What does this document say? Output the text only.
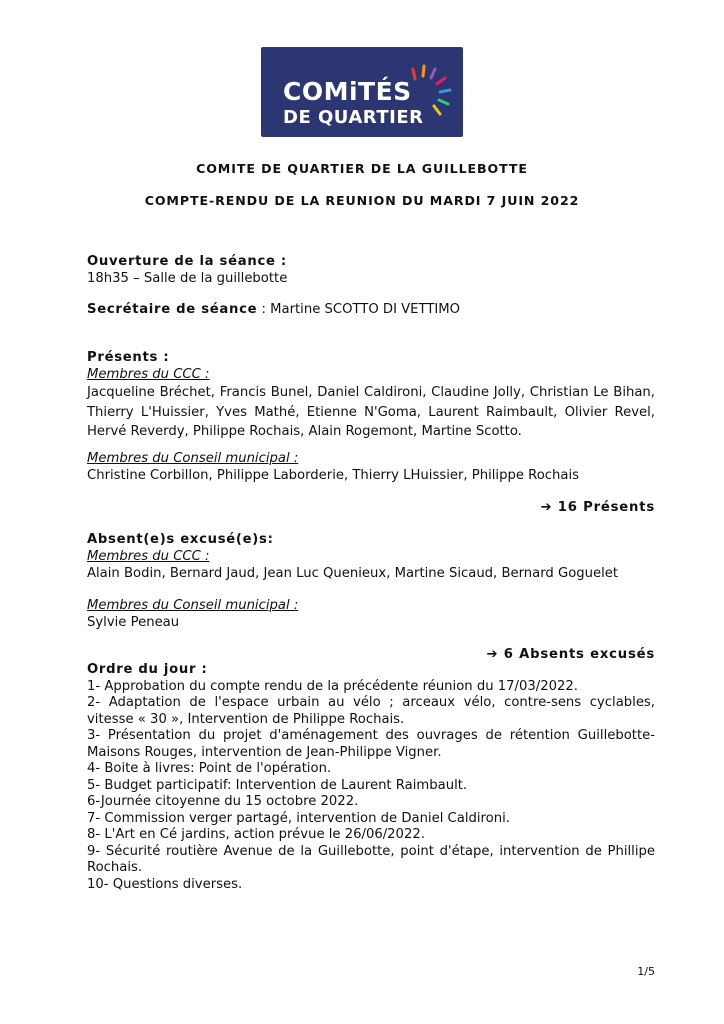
COMiTÉS
DE QUARTIER
COMITE DE QUARTIER DE LA GUILLEBOTTE
COMPTE-RENDU DE LA REUNION DU MARDI 7 JUIN 2022

Ouverture de la séance :

18h35 – Salle de la guillebotte

Secrétaire de séance : Martine SCOTTO DI VETTIMO

Présents :

Membres du CCC :

Jacqueline Bréchet, Francis Bunel, Daniel Caldironi, Claudine Jolly, Christian Le Bihan, Thierry L'Huissier, Yves Mathé, Etienne N'Goma, Laurent Raimbault, Olivier Revel, Hervé Reverdy, Philippe Rochais, Alain Rogemont, Martine Scotto.

Membres du Conseil municipal :

Christine Corbillon, Philippe Laborderie, Thierry LHuissier, Philippe Rochais

➔ 16 Présents

Absent(e)s excusé(e)s:

Membres du CCC :

Alain Bodin, Bernard Jaud, Jean Luc Quenieux, Martine Sicaud, Bernard Goguelet

Membres du Conseil municipal :

Sylvie Peneau

➔ 6 Absents excusés

Ordre du jour :

1- Approbation du compte rendu de la précédente réunion du 17/03/2022.

2- Adaptation de l'espace urbain au vélo ; arceaux vélo, contre-sens cyclables, vitesse « 30 », Intervention de Philippe Rochais.

3- Présentation du projet d'aménagement des ouvrages de rétention Guillebotte-Maisons Rouges, intervention de Jean-Philippe Vigner.

4- Boite à livres: Point de l'opération.

5- Budget participatif: Intervention de Laurent Raimbault.

6-Journée citoyenne du 15 octobre 2022.

7- Commission verger partagé, intervention de Daniel Caldironi.

8- L'Art en Cé jardins, action prévue le 26/06/2022.

9- Sécurité routière Avenue de la Guillebotte, point d'étape, intervention de Phillipe Rochais.

10- Questions diverses.

1/5
